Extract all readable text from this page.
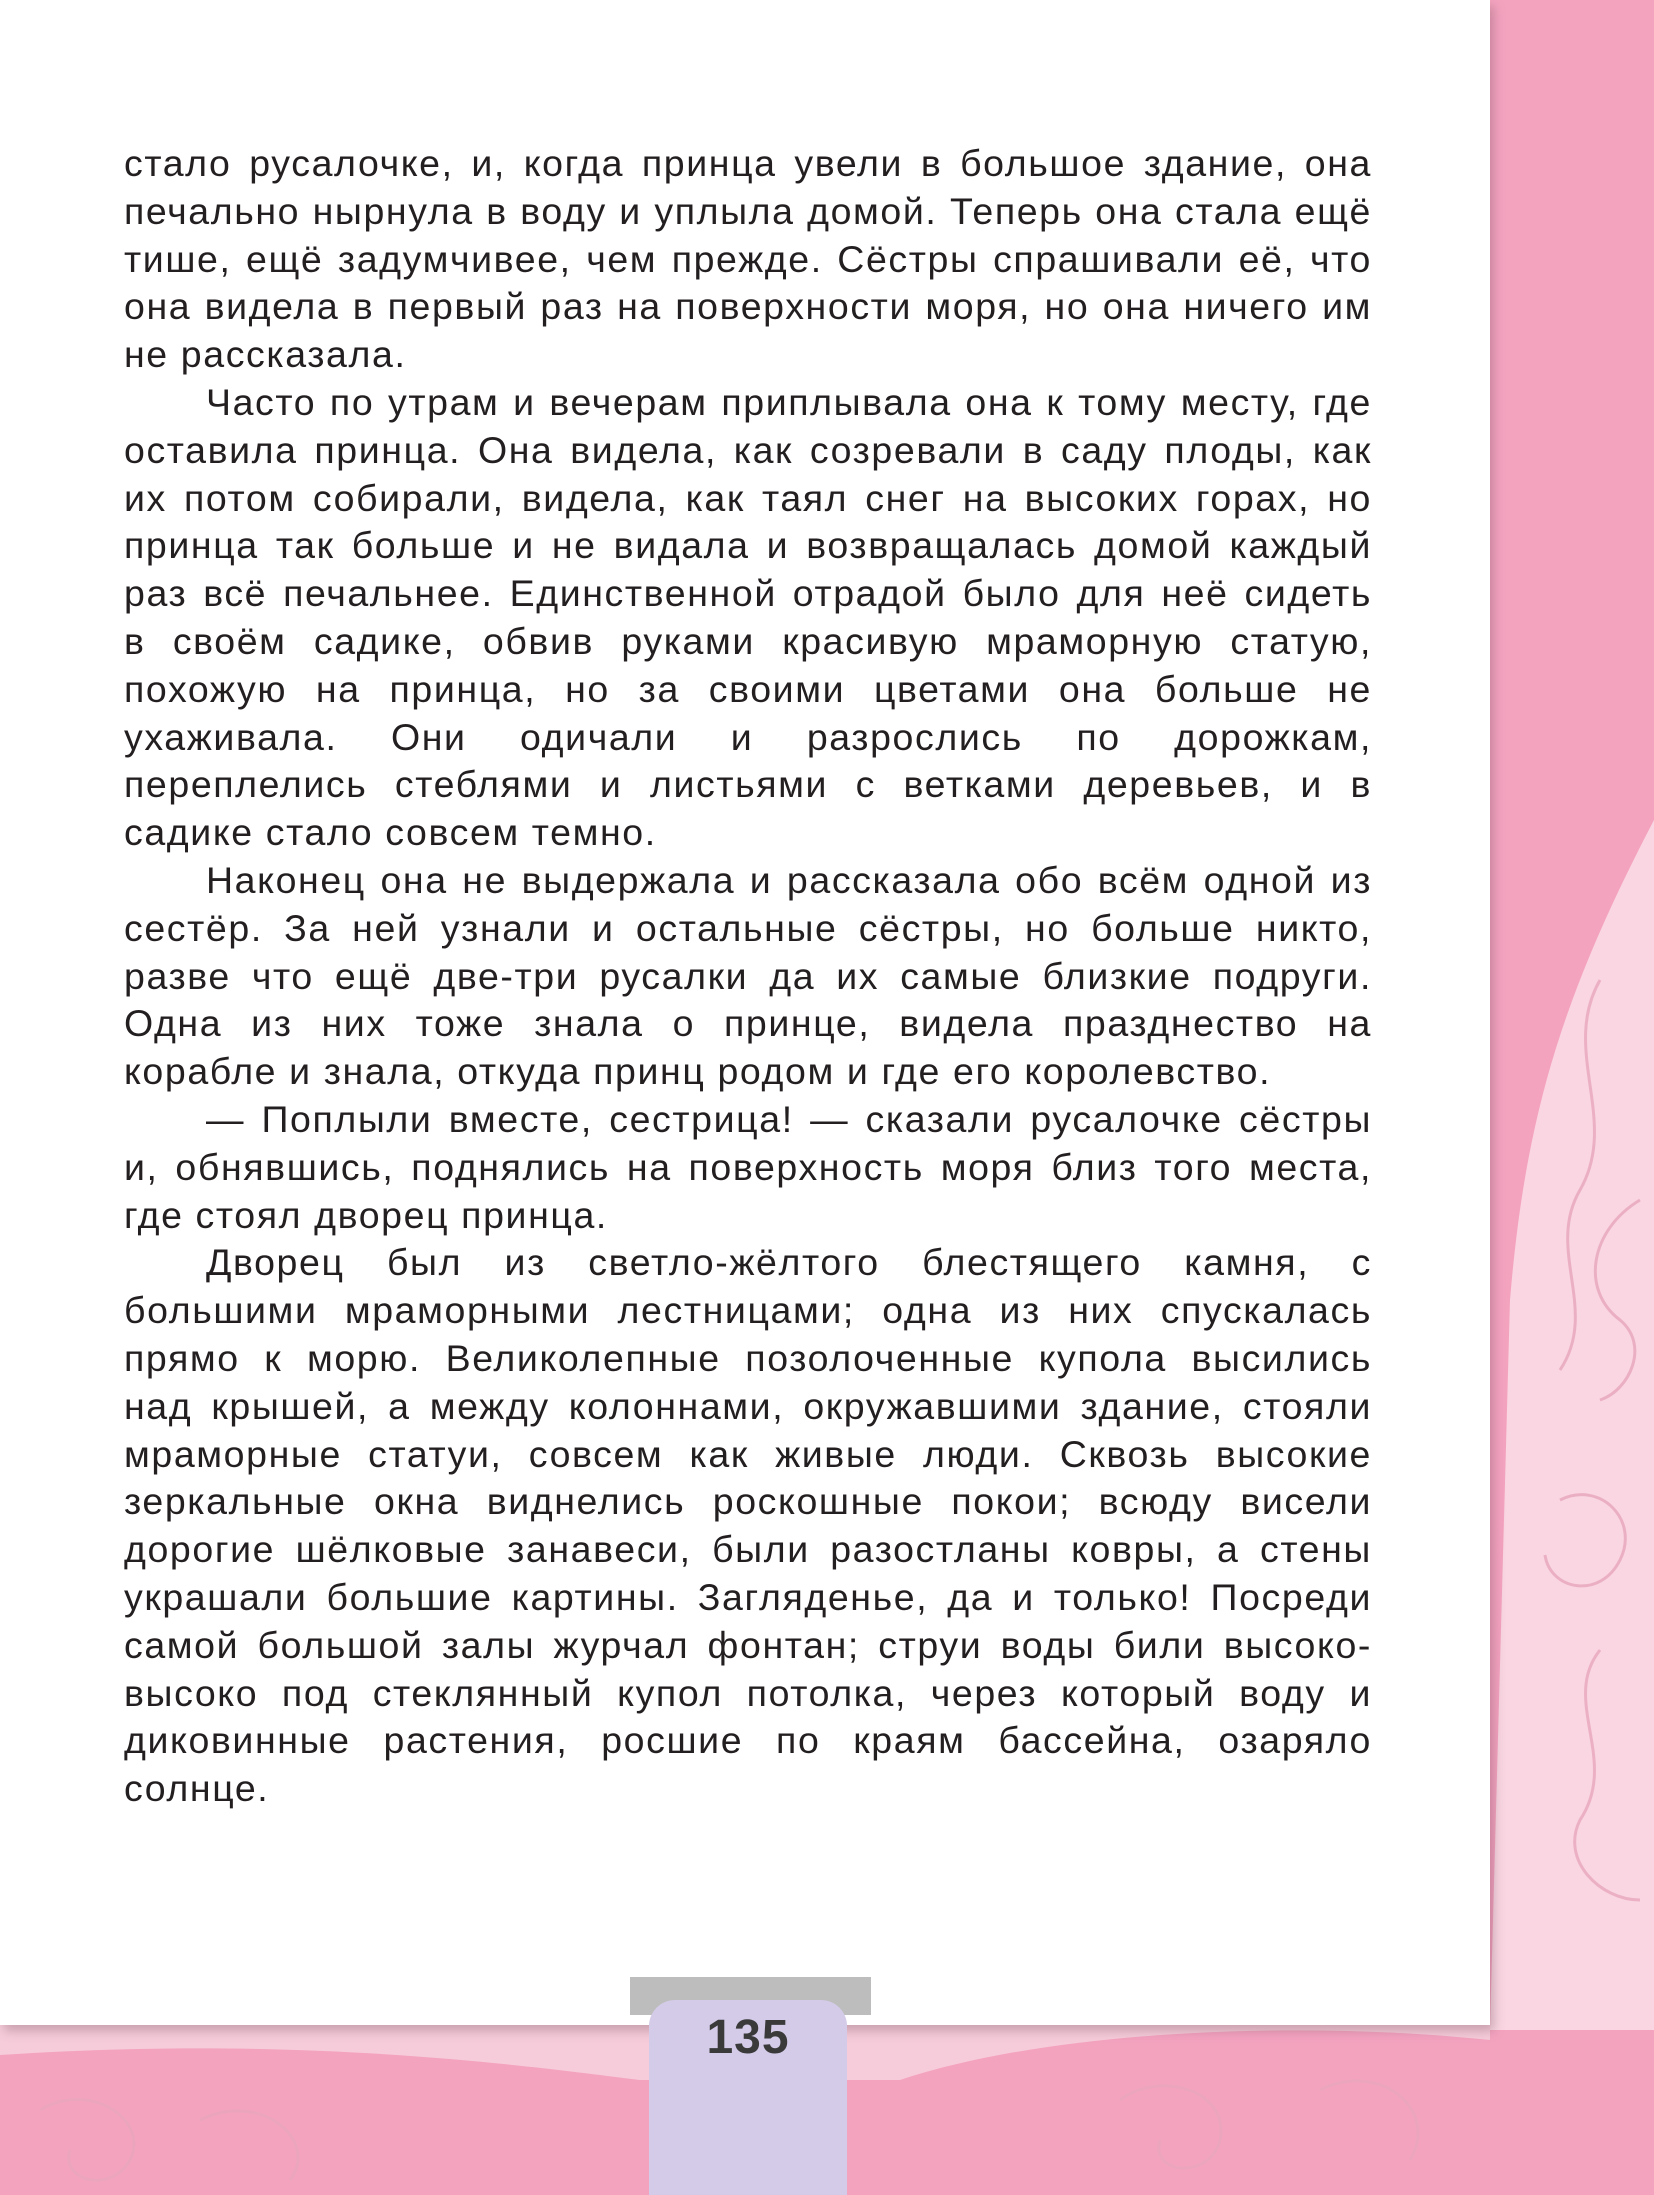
стало русалочке, и, когда принца увели в большое здание, она печально нырнула в воду и уплыла домой. Теперь она стала ещё тише, ещё задумчивее, чем прежде. Сёстры спрашивали её, что она видела в первый раз на поверхности моря, но она ничего им не рассказала.

Часто по утрам и вечерам приплывала она к тому месту, где оставила принца. Она видела, как созревали в саду плоды, как их потом собирали, видела, как таял снег на высоких горах, но принца так больше и не видала и возвращалась домой каждый раз всё печальнее. Единственной отрадой было для неё сидеть в своём садике, обвив руками красивую мраморную статую, похожую на принца, но за своими цветами она больше не ухаживала. Они одичали и разрослись по дорожкам, переплелись стеблями и листьями с ветками деревьев, и в садике стало совсем темно.

Наконец она не выдержала и рассказала обо всём одной из сестёр. За ней узнали и остальные сёстры, но больше никто, разве что ещё две-три русалки да их самые близкие подруги. Одна из них тоже знала о принце, видела празднество на корабле и знала, откуда принц родом и где его королевство.

— Поплыли вместе, сестрица! — сказали русалочке сёстры и, обнявшись, поднялись на поверхность моря близ того места, где стоял дворец принца.

Дворец был из светло-жёлтого блестящего камня, с большими мраморными лестницами; одна из них спускалась прямо к морю. Великолепные позолоченные купола высились над крышей, а между колоннами, окружавшими здание, стояли мраморные статуи, совсем как живые люди. Сквозь высокие зеркальные окна виднелись роскошные покои; всюду висели дорогие шёлковые занавеси, были разостланы ковры, а стены украшали большие картины. Загляденье, да и только! Посреди самой большой залы журчал фонтан; струи воды били высоко-высоко под стеклянный купол потолка, через который воду и диковинные растения, росшие по краям бассейна, озаряло солнце.

135
